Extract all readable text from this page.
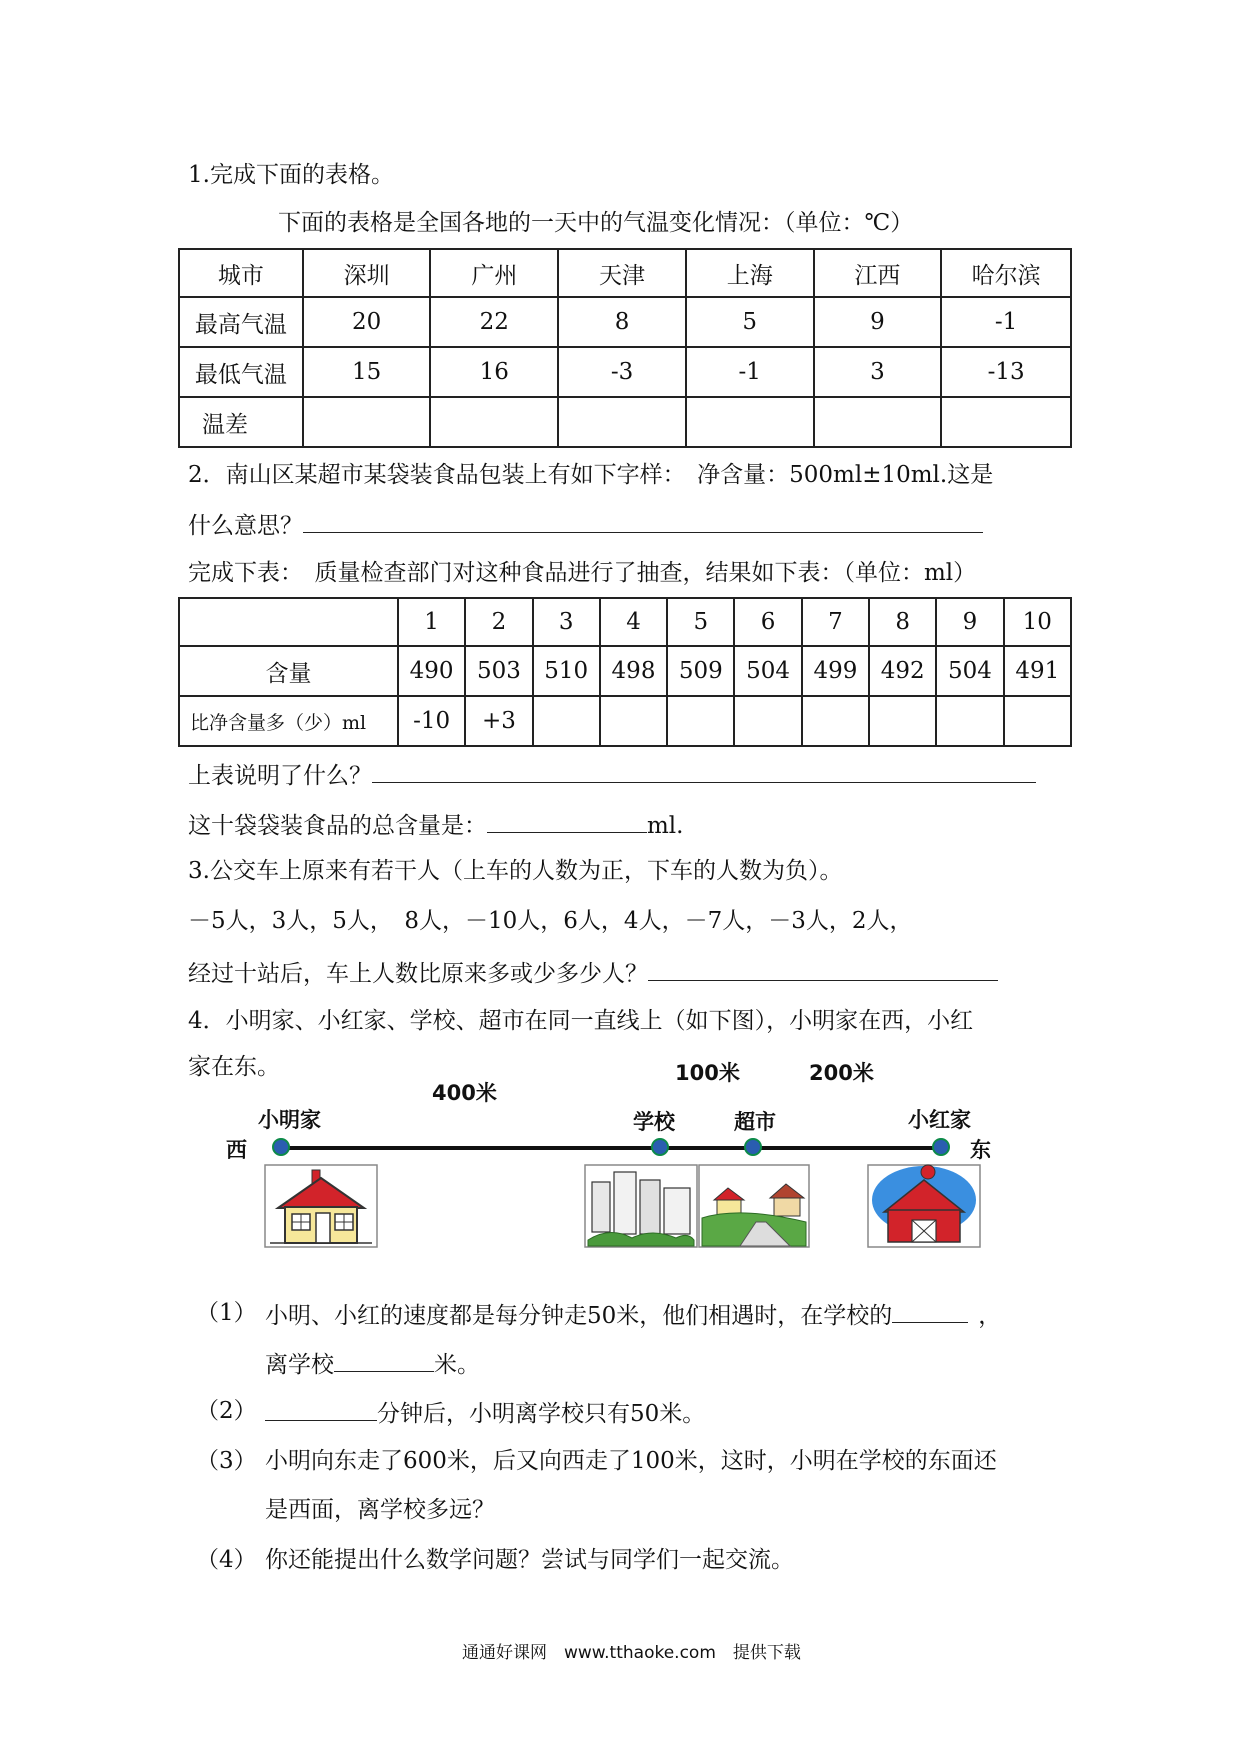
1.完成下面的表格。
下面的表格是全国各地的一天中的气温变化情况：（单位：℃）
城市	深圳	广州	天津	上海	江西	哈尔滨
最高气温	20	22	8	5	9	-1
最低气温	15	16	-3	-1	3	-13
温差						
2．南山区某超市某袋装食品包装上有如下字样：　净含量：500ml±10ml.这是
什么意思？
完成下表：　质量检查部门对这种食品进行了抽查，结果如下表：（单位：ml）
	1	2	3	4	5	6	7	8	9	10
含量	490	503	510	498	509	504	499	492	504	491
比净含量多（少）ml	-10	+3								
上表说明了什么？
这十袋袋装食品的总含量是：	ml.
3.公交车上原来有若干人（上车的人数为正，下车的人数为负）。
－5人，3人，5人，　8人，－10人，6人，4人，－7人，－3人，2人，
经过十站后，车上人数比原来多或少多少人？
4．小明家、小红家、学校、超市在同一直线上（如下图），小明家在西，小红
家在东。
400米
100米	200米
小明家	学校	超市	小红家
西	东
（1） 小明、小红的速度都是每分钟走50米，他们相遇时，在学校的	，
离学校	米。
（2）	分钟后，小明离学校只有50米。
（3） 小明向东走了600米，后又向西走了100米，这时，小明在学校的东面还
是西面，离学校多远？
（4） 你还能提出什么数学问题？尝试与同学们一起交流。
通通好课网　www.tthaoke.com　提供下载
